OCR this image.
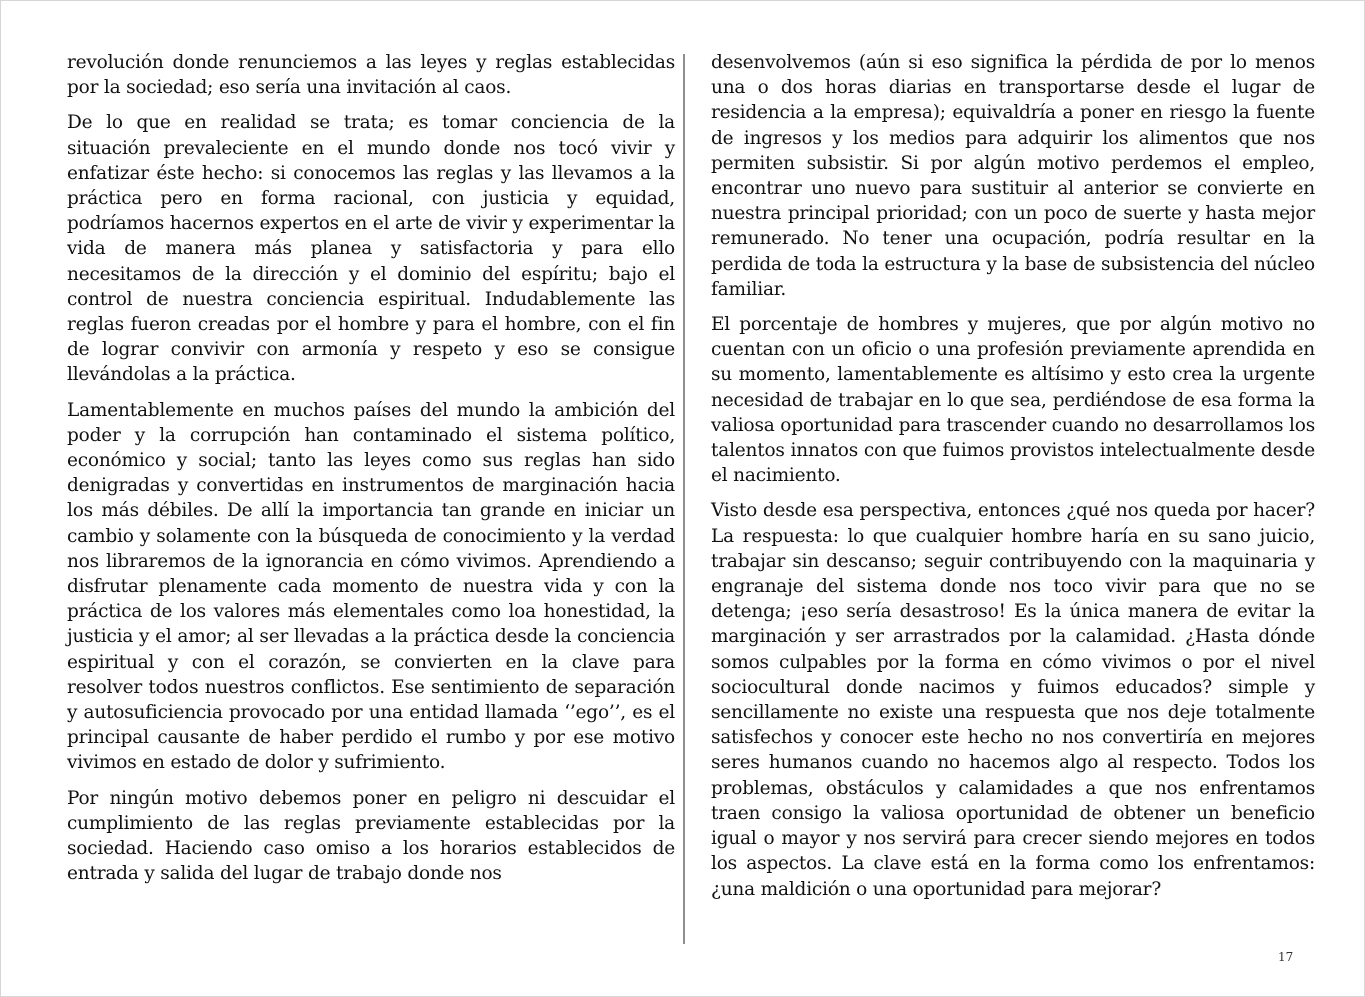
revolución donde renunciemos a las leyes y reglas establecidas por la sociedad; eso sería una invitación al caos.

De lo que en realidad se trata; es tomar conciencia de la situación prevaleciente en el mundo donde nos tocó vivir y enfatizar éste hecho: si conocemos las reglas y las llevamos a la práctica pero en forma racional, con justicia y equidad, podríamos hacernos expertos en el arte de vivir y experimentar la vida de manera más planea y satisfactoria y para ello necesitamos de la dirección y el dominio del espíritu; bajo el control de nuestra conciencia espiritual. Indudablemente las reglas fueron creadas por el hombre y para el hombre, con el fin de lograr convivir con armonía y respeto y eso se consigue llevándolas a la práctica.

Lamentablemente en muchos países del mundo la ambición del poder y la corrupción han contaminado el sistema político, económico y social; tanto las leyes como sus reglas han sido denigradas y convertidas en instrumentos de marginación hacia los más débiles. De allí la importancia tan grande en iniciar un cambio y solamente con la búsqueda de conocimiento y la verdad nos libraremos de la ignorancia en cómo vivimos. Aprendiendo a disfrutar plenamente cada momento de nuestra vida y con la práctica de los valores más elementales como loa honestidad, la justicia y el amor; al ser llevadas a la práctica desde la conciencia espiritual y con el corazón, se convierten en la clave para resolver todos nuestros conflictos. Ese sentimiento de separación y autosuficiencia provocado por una entidad llamada ‘’ego’’, es el principal causante de haber perdido el rumbo y por ese motivo vivimos en estado de dolor y sufrimiento.

Por ningún motivo debemos poner en peligro ni descuidar el cumplimiento de las reglas previamente establecidas por la sociedad. Haciendo caso omiso a los horarios establecidos de entrada y salida del lugar de trabajo donde nos

desenvolvemos (aún si eso significa la pérdida de por lo menos una o dos horas diarias en transportarse desde el lugar de residencia a la empresa); equivaldría a poner en riesgo la fuente de ingresos y los medios para adquirir los alimentos que nos permiten subsistir. Si por algún motivo perdemos el empleo, encontrar uno nuevo para sustituir al anterior se convierte en nuestra principal prioridad; con un poco de suerte y hasta mejor remunerado. No tener una ocupación, podría resultar en la perdida de toda la estructura y la base de subsistencia del núcleo familiar.

El porcentaje de hombres y mujeres, que por algún motivo no cuentan con un oficio o una profesión previamente aprendida en su momento, lamentablemente es altísimo y esto crea la urgente necesidad de trabajar en lo que sea, perdiéndose de esa forma la valiosa oportunidad para trascender cuando no desarrollamos los talentos innatos con que fuimos provistos intelectualmente desde el nacimiento.

Visto desde esa perspectiva, entonces ¿qué nos queda por hacer? La respuesta: lo que cualquier hombre haría en su sano juicio, trabajar sin descanso; seguir contribuyendo con la maquinaria y engranaje del sistema donde nos toco vivir para que no se detenga; ¡eso sería desastroso! Es la única manera de evitar la marginación y ser arrastrados por la calamidad. ¿Hasta dónde somos culpables por la forma en cómo vivimos o por el nivel sociocultural donde nacimos y fuimos educados? simple y sencillamente no existe una respuesta que nos deje totalmente satisfechos y conocer este hecho no nos convertiría en mejores seres humanos cuando no hacemos algo al respecto. Todos los problemas, obstáculos y calamidades a que nos enfrentamos traen consigo la valiosa oportunidad de obtener un beneficio igual o mayor y nos servirá para crecer siendo mejores en todos los aspectos. La clave está en la forma como los enfrentamos: ¿una maldición o una oportunidad para mejorar?

17
